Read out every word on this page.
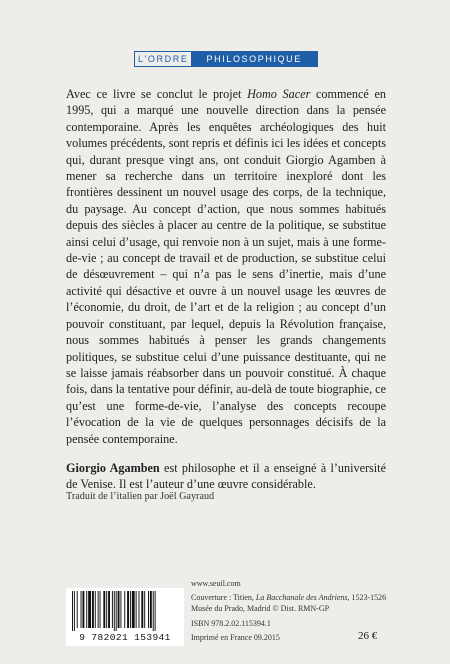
L'ORDRE	PHILOSOPHIQUE

Avec ce livre se conclut le projet Homo Sacer commencé en 1995, qui a marqué une nouvelle direction dans la pensée contemporaine. Après les enquêtes archéologiques des huit volumes précédents, sont repris et définis ici les idées et concepts qui, durant presque vingt ans, ont conduit Giorgio Agamben à mener sa recherche dans un territoire inexploré dont les frontières dessinent un nouvel usage des corps, de la technique, du paysage. Au concept d’action, que nous sommes habitués depuis des siècles à placer au centre de la politique, se substitue ainsi celui d’usage, qui renvoie non à un sujet, mais à une forme-de-vie ; au concept de travail et de production, se substitue celui de désœuvrement – qui n’a pas le sens d’inertie, mais d’une activité qui désactive et ouvre à un nouvel usage les œuvres de l’économie, du droit, de l’art et de la religion ; au concept d’un pouvoir constituant, par lequel, depuis la Révolution française, nous sommes habitués à penser les grands changements politiques, se substitue celui d’une puissance destituante, qui ne se laisse jamais réabsorber dans un pouvoir constitué. À chaque fois, dans la tentative pour définir, au-delà de toute biographie, ce qu’est une forme-de-vie, l’analyse des concepts recoupe l’évocation de la vie de quelques personnages décisifs de la pensée contemporaine.

Giorgio Agamben est philosophe et il a enseigné à l’université de Venise. Il est l’auteur d’une œuvre considérable.

Traduit de l’italien par Joël Gayraud
9 782021 153941
www.seuil.com
Couverture : Titien, La Bacchanale des Andriens, 1523-1526
Musée du Prado, Madrid © Dist. RMN-GP
ISBN 978.2.02.115394.1
Imprimé en France 09.2015	26 €
